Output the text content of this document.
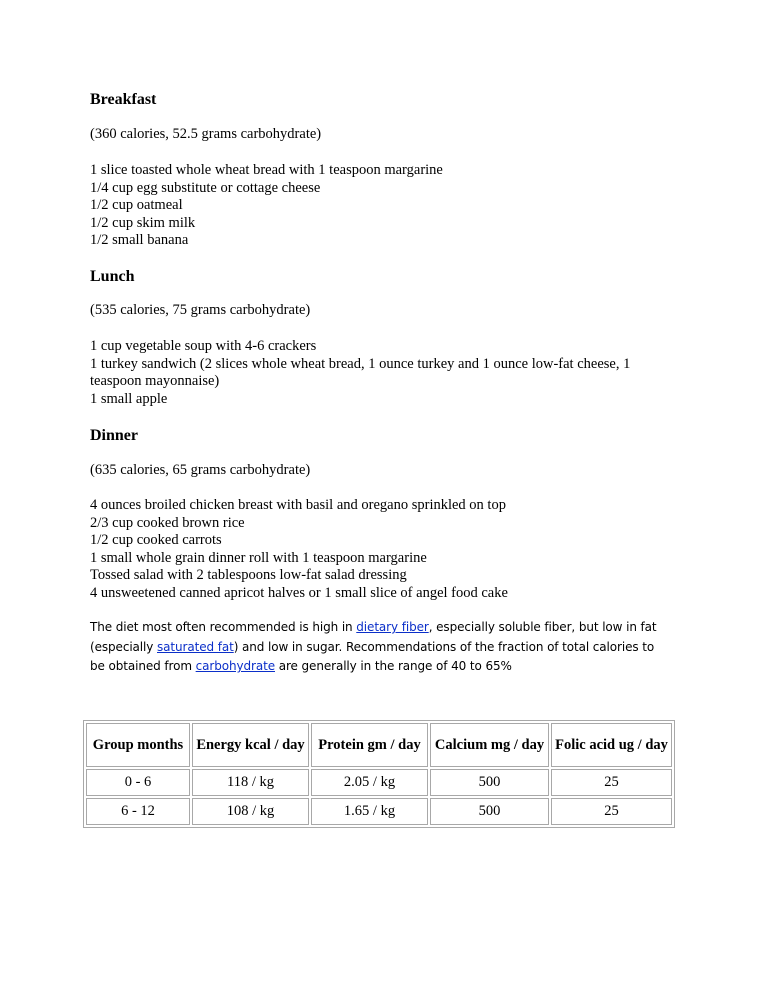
Breakfast
(360 calories, 52.5 grams carbohydrate)
1 slice toasted whole wheat bread with 1 teaspoon margarine
1/4 cup egg substitute or cottage cheese
1/2 cup oatmeal
1/2 cup skim milk
1/2 small banana
Lunch
(535 calories, 75 grams carbohydrate)
1 cup vegetable soup with 4-6 crackers
1 turkey sandwich (2 slices whole wheat bread, 1 ounce turkey and 1 ounce low-fat cheese, 1 teaspoon mayonnaise)
1 small apple
Dinner
(635 calories, 65 grams carbohydrate)
4 ounces broiled chicken breast with basil and oregano sprinkled on top
2/3 cup cooked brown rice
1/2 cup cooked carrots
1 small whole grain dinner roll with 1 teaspoon margarine
Tossed salad with 2 tablespoons low-fat salad dressing
4 unsweetened canned apricot halves or 1 small slice of angel food cake
The diet most often recommended is high in dietary fiber, especially soluble fiber, but low in fat (especially saturated fat) and low in sugar. Recommendations of the fraction of total calories to be obtained from carbohydrate are generally in the range of 40 to 65%
Group months	Energy kcal / day	Protein gm / day	Calcium mg / day	Folic acid ug / day
0 - 6	118 / kg	2.05 / kg	500	25
6 - 12	108 / kg	1.65 / kg	500	25
